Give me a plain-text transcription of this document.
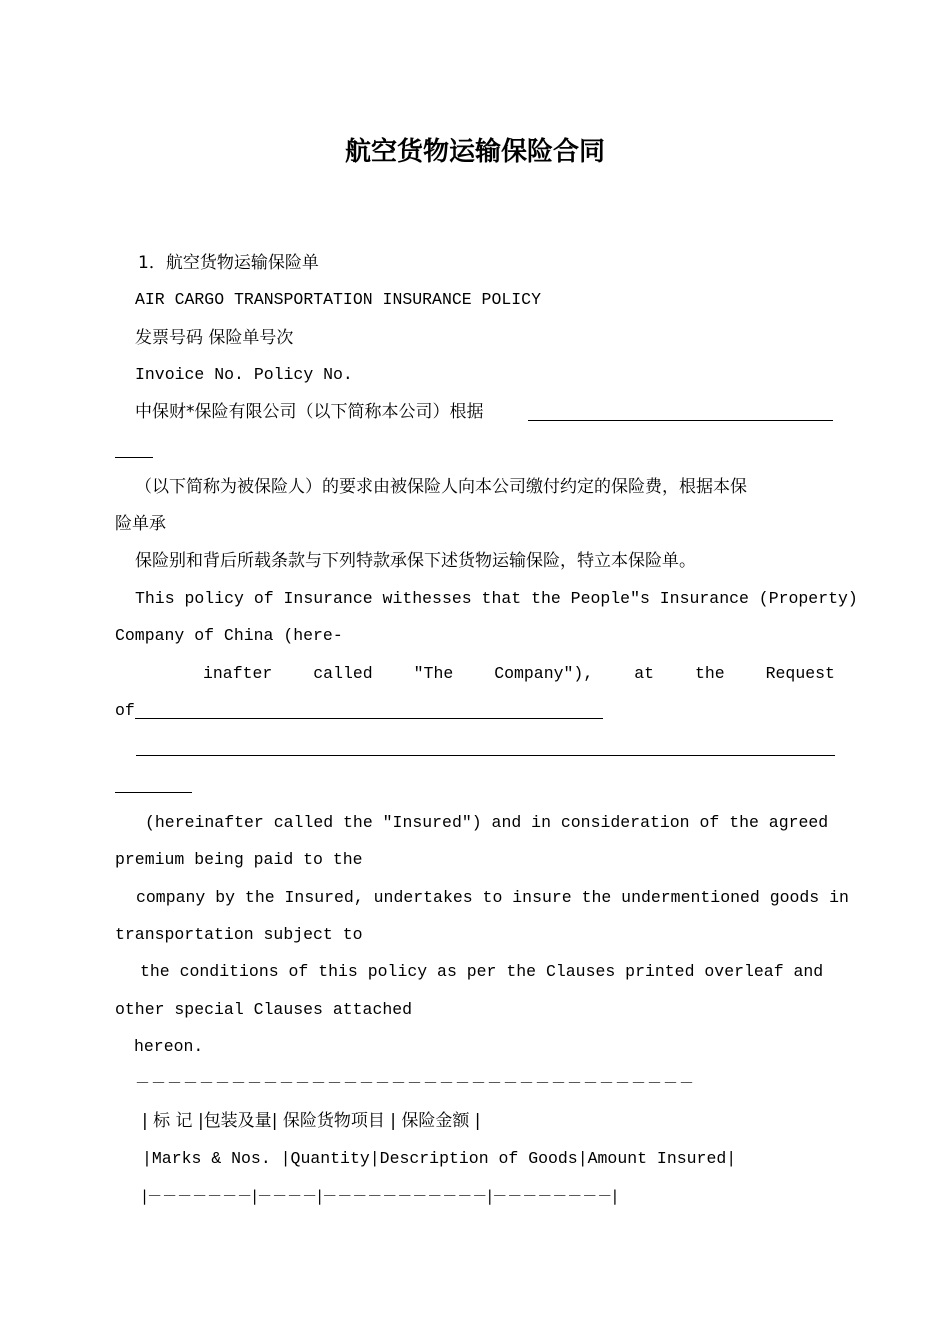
航空货物运输保险合同
1．航空货物运输保险单
AIR CARGO TRANSPORTATION INSURANCE POLICY
发票号码 保险单号次
Invoice No. Policy No.
中保财*保险有限公司（以下简称本公司）根据
（以下简称为被保险人）的要求由被保险人向本公司缴付约定的保险费，根据本保
险单承
保险别和背后所载条款与下列特款承保下述货物运输保险，特立本保险单。
This policy of Insurance withesses that the People"s Insurance (Property)
Company of China (here-
inafter called "The Company"), at the Request
of
(hereinafter called the "Insured") and in consideration of the agreed
premium being paid to the
company by the Insured, undertakes to insure the undermentioned goods in
transportation subject to
the conditions of this policy as per the Clauses printed overleaf and
other special Clauses attached
hereon.
－－－－－－－－－－－－－－－－－－－－－－－－－－－－－－－－－－－
| 标 记 |包装及量| 保险货物项目 | 保险金额 |
|Marks & Nos. |Quantity|Description of Goods|Amount Insured|
|－－－－－－－|－－－－|－－－－－－－－－－－|－－－－－－－－|
